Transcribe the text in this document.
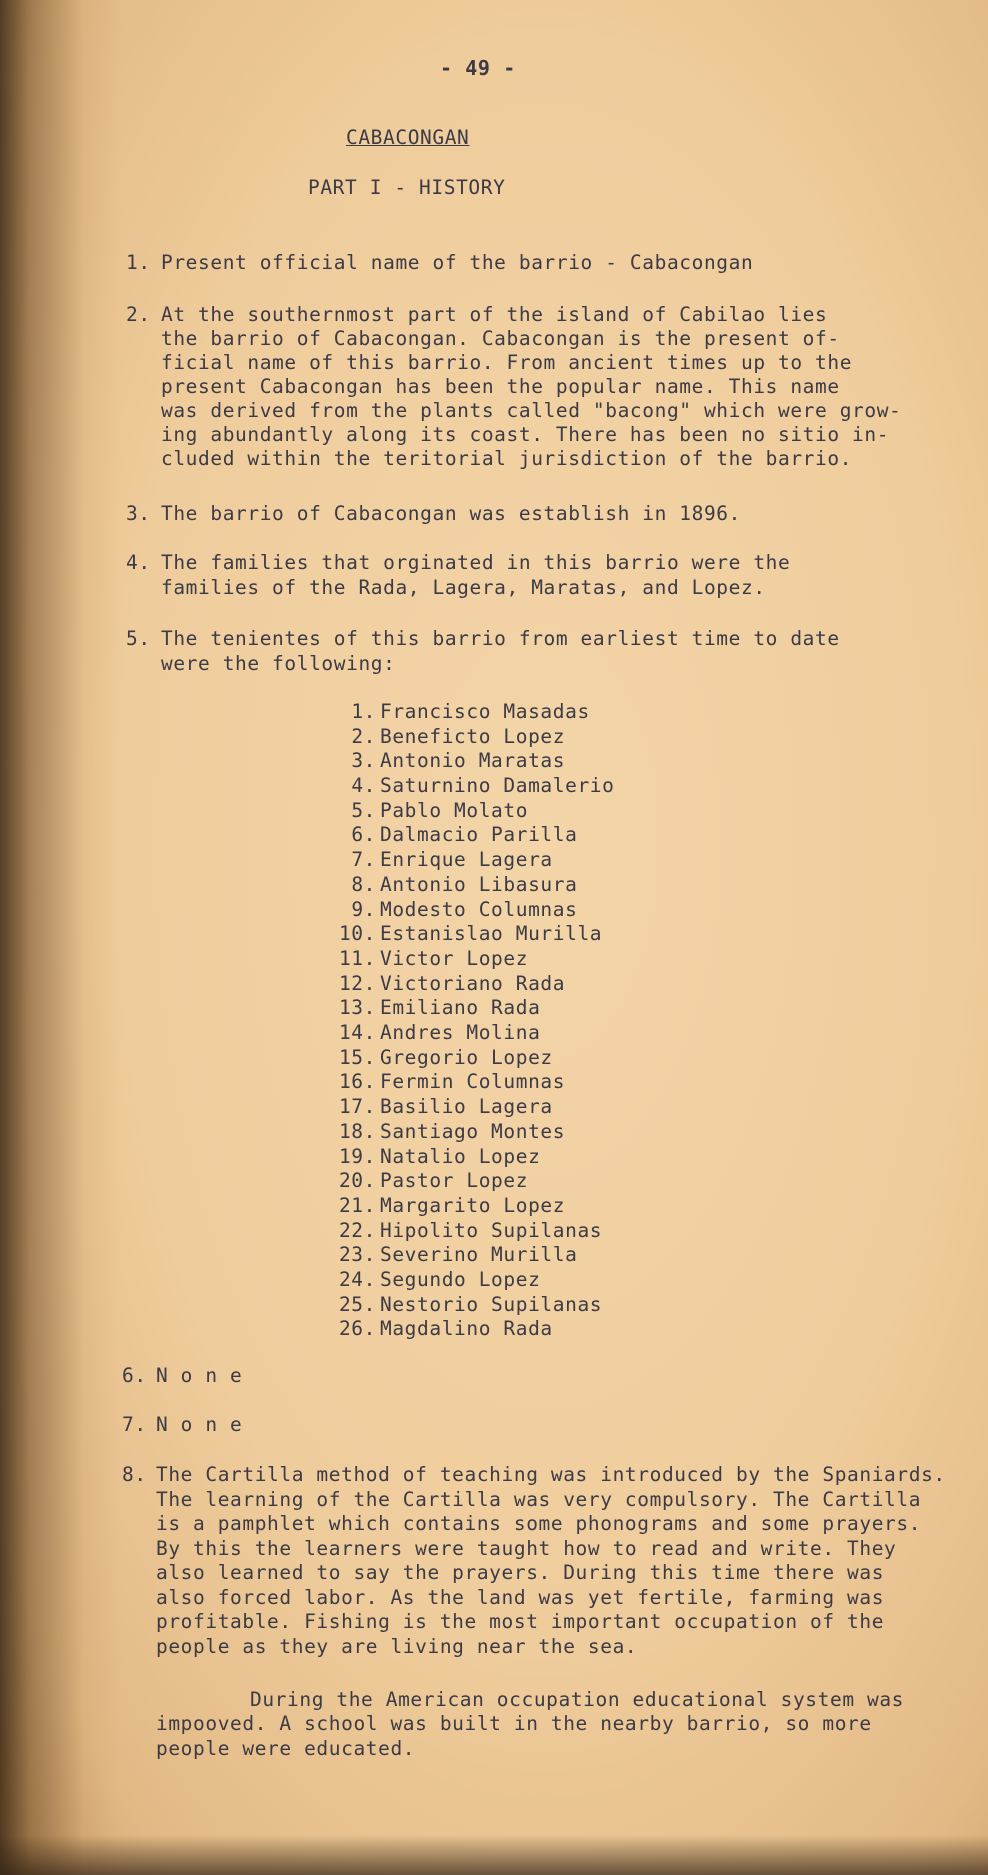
- 49 -
CABACONGAN
PART I - HISTORY
1. Present official name of the barrio - Cabacongan
2. At the southernmost part of the island of Cabilao lies
the barrio of Cabacongan. Cabacongan is the present of-
ficial name of this barrio. From ancient times up to the
present Cabacongan has been the popular name. This name
was derived from the plants called "bacong" which were grow-
ing abundantly along its coast. There has been no sitio in-
cluded within the teritorial jurisdiction of the barrio.
3. The barrio of Cabacongan was establish in 1896.
4. The families that orginated in this barrio were the
families of the Rada, Lagera, Maratas, and Lopez.
5. The tenientes of this barrio from earliest time to date
were the following:
1. Francisco Masadas
2. Beneficto Lopez
3. Antonio Maratas
4. Saturnino Damalerio
5. Pablo Molato
6. Dalmacio Parilla
7. Enrique Lagera
8. Antonio Libasura
9. Modesto Columnas
10. Estanislao Murilla
11. Victor Lopez
12. Victoriano Rada
13. Emiliano Rada
14. Andres Molina
15. Gregorio Lopez
16. Fermin Columnas
17. Basilio Lagera
18. Santiago Montes
19. Natalio Lopez
20. Pastor Lopez
21. Margarito Lopez
22. Hipolito Supilanas
23. Severino Murilla
24. Segundo Lopez
25. Nestorio Supilanas
26. Magdalino Rada
6. N o n e
7. N o n e
8. The Cartilla method of teaching was introduced by the Spaniards.
The learning of the Cartilla was very compulsory. The Cartilla
is a pamphlet which contains some phonograms and some prayers.
By this the learners were taught how to read and write. They
also learned to say the prayers. During this time there was
also forced labor. As the land was yet fertile, farming was
profitable. Fishing is the most important occupation of the
people as they are living near the sea.
During the American occupation educational system was
impooved. A school was built in the nearby barrio, so more
people were educated.
